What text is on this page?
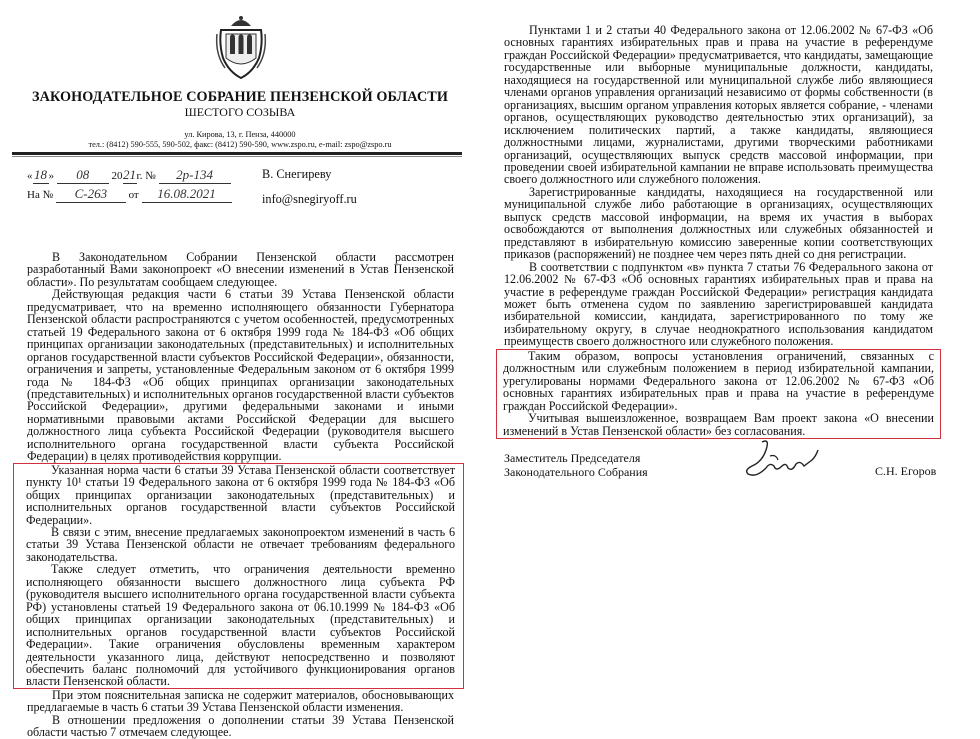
ЗАКОНОДАТЕЛЬНОЕ СОБРАНИЕ ПЕНЗЕНСКОЙ ОБЛАСТИ
ШЕСТОГО СОЗЫВА
ул. Кирова, 13, г. Пенза, 440000
тел.: (8412) 590-555, 590-502, факс: (8412) 590-590, www.zspo.ru, e-mail: zspo@zspo.ru
« 18 » 08 2021г. № 2р-134
На № С-263 от 16.08.2021
В. Снегиреву
info@snegiryoff.ru

В Законодательном Собрании Пензенской области рассмотрен разработанный Вами законопроект «О внесении изменений в Устав Пензенской области». По результатам сообщаем следующее.

Действующая редакция части 6 статьи 39 Устава Пензенской области предусматривает, что на временно исполняющего обязанности Губернатора Пензенской области распространяются с учетом особенностей, предусмотренных статьей 19 Федерального закона от 6 октября 1999 года № 184-ФЗ «Об общих принципах организации законодательных (представительных) и исполнительных органов государственной власти субъектов Российской Федерации», обязанности, ограничения и запреты, установленные Федеральным законом от 6 октября 1999 года № 184-ФЗ «Об общих принципах организации законодательных (представительных) и исполнительных органов государственной власти субъектов Российской Федерации», другими федеральными законами и иными нормативными правовыми актами Российской Федерации для высшего должностного лица субъекта Российской Федерации (руководителя высшего исполнительного органа государственной власти субъекта Российской Федерации) в целях противодействия коррупции.

Указанная норма части 6 статьи 39 Устава Пензенской области соответствует пункту 10¹ статьи 19 Федерального закона от 6 октября 1999 года № 184-ФЗ «Об общих принципах организации законодательных (представительных) и исполнительных органов государственной власти субъектов Российской Федерации».

В связи с этим, внесение предлагаемых законопроектом изменений в часть 6 статьи 39 Устава Пензенской области не отвечает требованиям федерального законодательства.

Также следует отметить, что ограничения деятельности временно исполняющего обязанности высшего должностного лица субъекта РФ (руководителя высшего исполнительного органа государственной власти субъекта РФ) установлены статьей 19 Федерального закона от 06.10.1999 № 184-ФЗ «Об общих принципах организации законодательных (представительных) и исполнительных органов государственной власти субъектов Российской Федерации». Такие ограничения обусловлены временным характером деятельности указанного лица, действуют непосредственно и позволяют обеспечить баланс полномочий для устойчивого функционирования органов власти Пензенской области.

При этом пояснительная записка не содержит материалов, обосновывающих предлагаемые в часть 6 статьи 39 Устава Пензенской области изменения.

В отношении предложения о дополнении статьи 39 Устава Пензенской области частью 7 отмечаем следующее.

Пунктами 1 и 2 статьи 40 Федерального закона от 12.06.2002 № 67-ФЗ «Об основных гарантиях избирательных прав и права на участие в референдуме граждан Российской Федерации» предусматривается, что кандидаты, замещающие государственные или выборные муниципальные должности, кандидаты, находящиеся на государственной или муниципальной службе либо являющиеся членами органов управления организаций независимо от формы собственности (в организациях, высшим органом управления которых является собрание, - членами органов, осуществляющих руководство деятельностью этих организаций), за исключением политических партий, а также кандидаты, являющиеся должностными лицами, журналистами, другими творческими работниками организаций, осуществляющих выпуск средств массовой информации, при проведении своей избирательной кампании не вправе использовать преимущества своего должностного или служебного положения.

Зарегистрированные кандидаты, находящиеся на государственной или муниципальной службе либо работающие в организациях, осуществляющих выпуск средств массовой информации, на время их участия в выборах освобождаются от выполнения должностных или служебных обязанностей и представляют в избирательную комиссию заверенные копии соответствующих приказов (распоряжений) не позднее чем через пять дней со дня регистрации.

В соответствии с подпунктом «в» пункта 7 статьи 76 Федерального закона от 12.06.2002 № 67-ФЗ «Об основных гарантиях избирательных прав и права на участие в референдуме граждан Российской Федерации» регистрация кандидата может быть отменена судом по заявлению зарегистрировавшей кандидата избирательной комиссии, кандидата, зарегистрированного по тому же избирательному округу, в случае неоднократного использования кандидатом преимуществ своего должностного или служебного положения.

Таким образом, вопросы установления ограничений, связанных с должностным или служебным положением в период избирательной кампании, урегулированы нормами Федерального закона от 12.06.2002 № 67-ФЗ «Об основных гарантиях избирательных прав и права на участие в референдуме граждан Российской Федерации».

Учитывая вышеизложенное, возвращаем Вам проект закона «О внесении изменений в Устав Пензенской области» без согласования.

Заместитель Председателя
Законодательного Собрания	С.Н. Егоров
